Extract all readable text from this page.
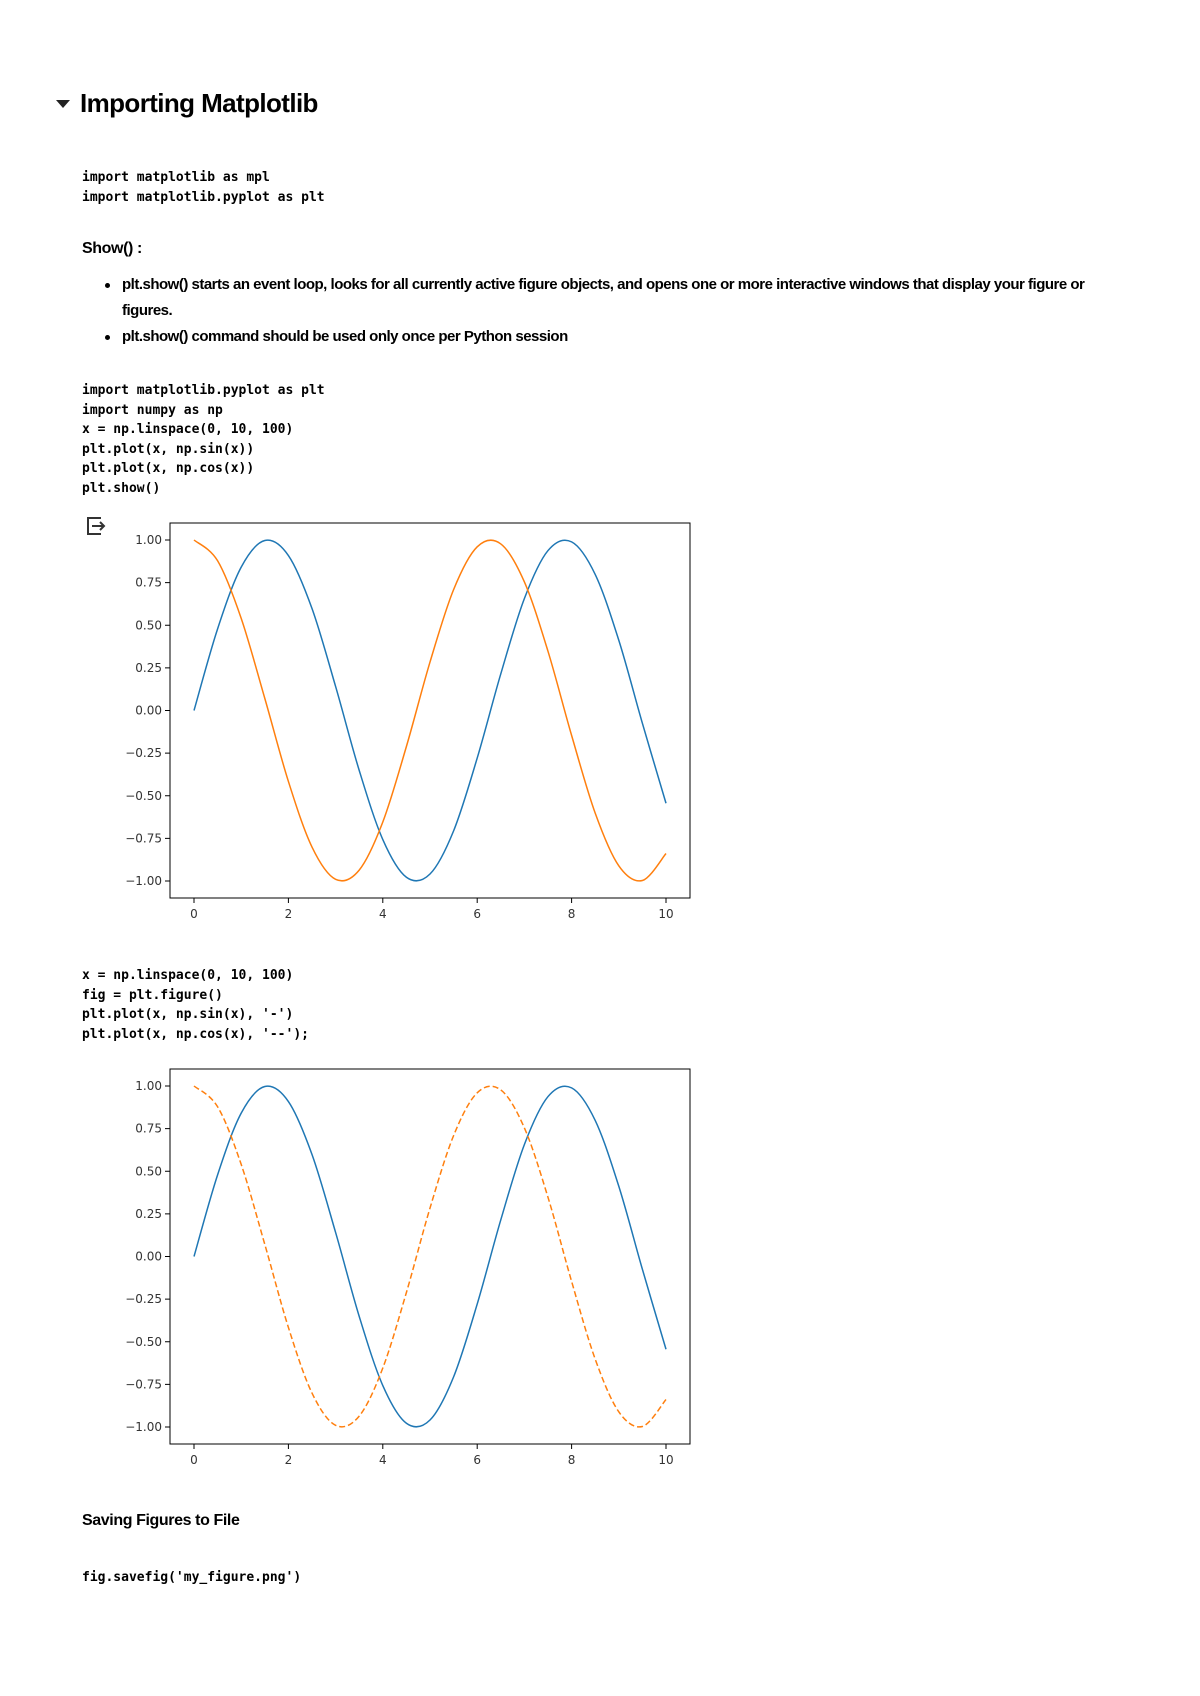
Importing Matplotlib
import matplotlib as mpl
import matplotlib.pyplot as plt
Show() :
plt.show() starts an event loop, looks for all currently active figure objects, and opens one or more interactive windows that display your figure or figures.
plt.show() command should be used only once per Python session
import matplotlib.pyplot as plt
import numpy as np
x = np.linspace(0, 10, 100)
plt.plot(x, np.sin(x))
plt.plot(x, np.cos(x))
plt.show()
1.00
0.75
0.50
0.25
0.00
−0.25
−0.50
−0.75
−1.00
0	2	4	6	8	10
x = np.linspace(0, 10, 100)
fig = plt.figure()
plt.plot(x, np.sin(x), '-')
plt.plot(x, np.cos(x), '--');
1.00
0.75
0.50
0.25
0.00
−0.25
−0.50
−0.75
−1.00
0	2	4	6	8	10
Saving Figures to File
fig.savefig('my_figure.png')
